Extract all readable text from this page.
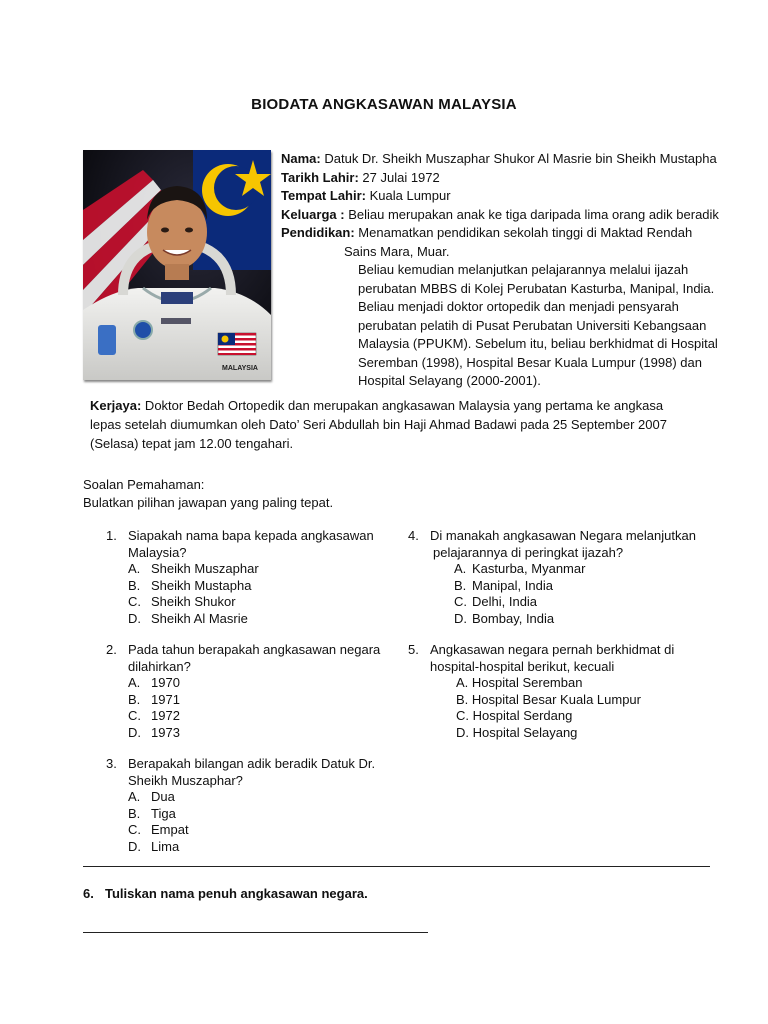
BIODATA ANGKASAWAN MALAYSIA
MALAYSIA
Nama: Datuk Dr. Sheikh Muszaphar Shukor Al Masrie bin Sheikh Mustapha
Tarikh Lahir: 27 Julai 1972
Tempat Lahir: Kuala Lumpur
Keluarga : Beliau merupakan anak ke tiga daripada lima orang adik beradik
Pendidikan: Menamatkan pendidikan sekolah tinggi di Maktad Rendah
Sains Mara, Muar.
Beliau kemudian melanjutkan pelajarannya melalui ijazah
perubatan MBBS di Kolej Perubatan Kasturba, Manipal, India.
Beliau menjadi doktor ortopedik dan menjadi pensyarah
perubatan pelatih di Pusat Perubatan Universiti Kebangsaan
Malaysia (PPUKM). Sebelum itu, beliau berkhidmat di Hospital
Seremban (1998), Hospital Besar Kuala Lumpur (1998) dan
Hospital Selayang (2000-2001).
Kerjaya: Doktor Bedah Ortopedik dan merupakan angkasawan Malaysia yang pertama ke angkasa
lepas setelah diumumkan oleh Dato’ Seri Abdullah bin Haji Ahmad Badawi pada 25 September 2007
(Selasa) tepat jam 12.00 tengahari.
Soalan Pemahaman:
Bulatkan pilihan jawapan yang paling tepat.
1. Siapakah nama bapa kepada angkasawan
Malaysia?
A. Sheikh Muszaphar
B. Sheikh Mustapha
C. Sheikh Shukor
D. Sheikh Al Masrie
2. Pada tahun berapakah angkasawan negara
dilahirkan?
A. 1970
B. 1971
C. 1972
D. 1973
3. Berapakah bilangan adik beradik Datuk Dr.
Sheikh Muszaphar?
A. Dua
B. Tiga
C. Empat
D. Lima
4. Di manakah angkasawan Negara melanjutkan
pelajarannya di peringkat ijazah?
A. Kasturba, Myanmar
B. Manipal, India
C. Delhi, India
D. Bombay, India
5. Angkasawan negara pernah berkhidmat di
hospital-hospital berikut, kecuali
A. Hospital Seremban
B. Hospital Besar Kuala Lumpur
C. Hospital Serdang
D. Hospital Selayang
6. Tuliskan nama penuh angkasawan negara.
